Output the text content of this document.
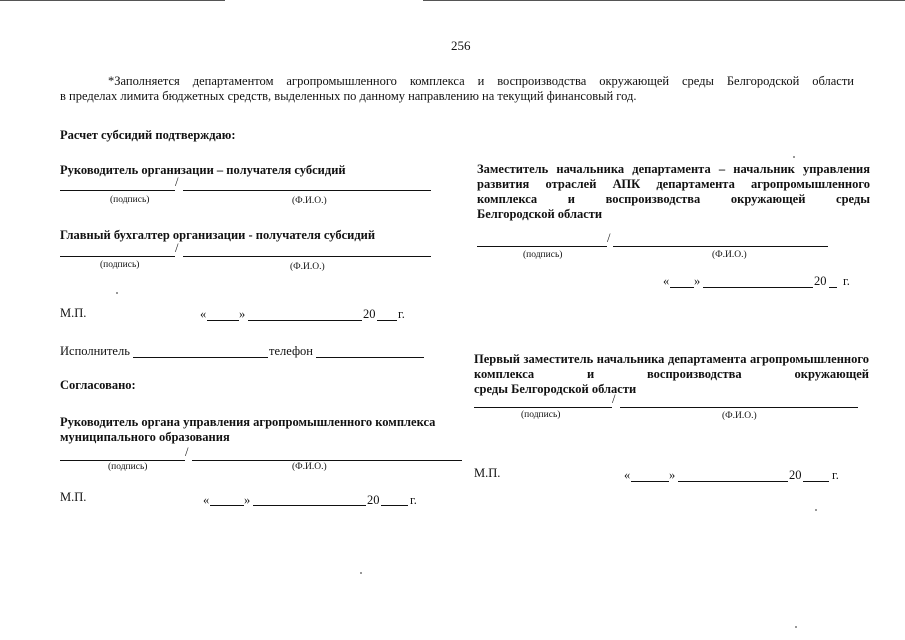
256
*Заполняется департаментом агропромышленного комплекса и воспроизводства окружающей среды Белгородской области
в пределах лимита бюджетных средств, выделенных по данному направлению на текущий финансовый год.
Расчет субсидий подтверждаю:
Руководитель организации – получателя субсидий
/
(подпись)	(Ф.И.О.)
Главный бухгалтер организации - получателя субсидий
/
(подпись)	(Ф.И.О.)
М.П.	«	»	20 г.
Исполнитель	телефон
Согласовано:
Руководитель органа управления агропромышленного комплекса муниципального образования
/
(подпись)	(Ф.И.О.)
М.П.	«	»	20 г.
Заместитель начальника департамента – начальник управления развития отраслей АПК департамента агропромышленного комплекса и воспроизводства окружающей среды
Белгородской области
/
(подпись)	(Ф.И.О.)
« »	20 г.
Первый заместитель начальника департамента агропромышленного комплекса и воспроизводства окружающей
среды Белгородской области
/
(подпись)	(Ф.И.О.)
М.П.	«	»	20 г.
